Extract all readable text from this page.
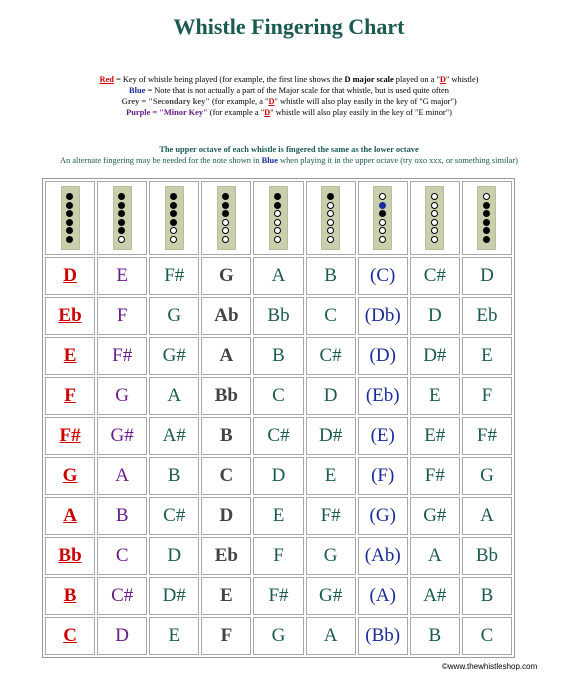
Whistle Fingering Chart
Red = Key of whistle being played (for example, the first line shows the D major scale played on a "D" whistle)
Blue = Note that is not actually a part of the Major scale for that whistle, but is used quite often
Grey = "Secondary key" (for example, a "D" whistle will also play easily in the key of "G major")
Purple = "Minor Key" (for example a "D" whistle will also play easily in the key of "E minor")
The upper octave of each whistle is fingered the same as the lower octave
An alternate fingering may be needed for the note shown in Blue when playing it in the upper octave (try oxo xxx, or something similar)

D	E	F#	G	A	B	(C)	C#	D
Eb	F	G	Ab	Bb	C	(Db)	D	Eb
E	F#	G#	A	B	C#	(D)	D#	E
F	G	A	Bb	C	D	(Eb)	E	F
F#	G#	A#	B	C#	D#	(E)	E#	F#
G	A	B	C	D	E	(F)	F#	G
A	B	C#	D	E	F#	(G)	G#	A
Bb	C	D	Eb	F	G	(Ab)	A	Bb
B	C#	D#	E	F#	G#	(A)	A#	B
C	D	E	F	G	A	(Bb)	B	C
©www.thewhistleshop.com
